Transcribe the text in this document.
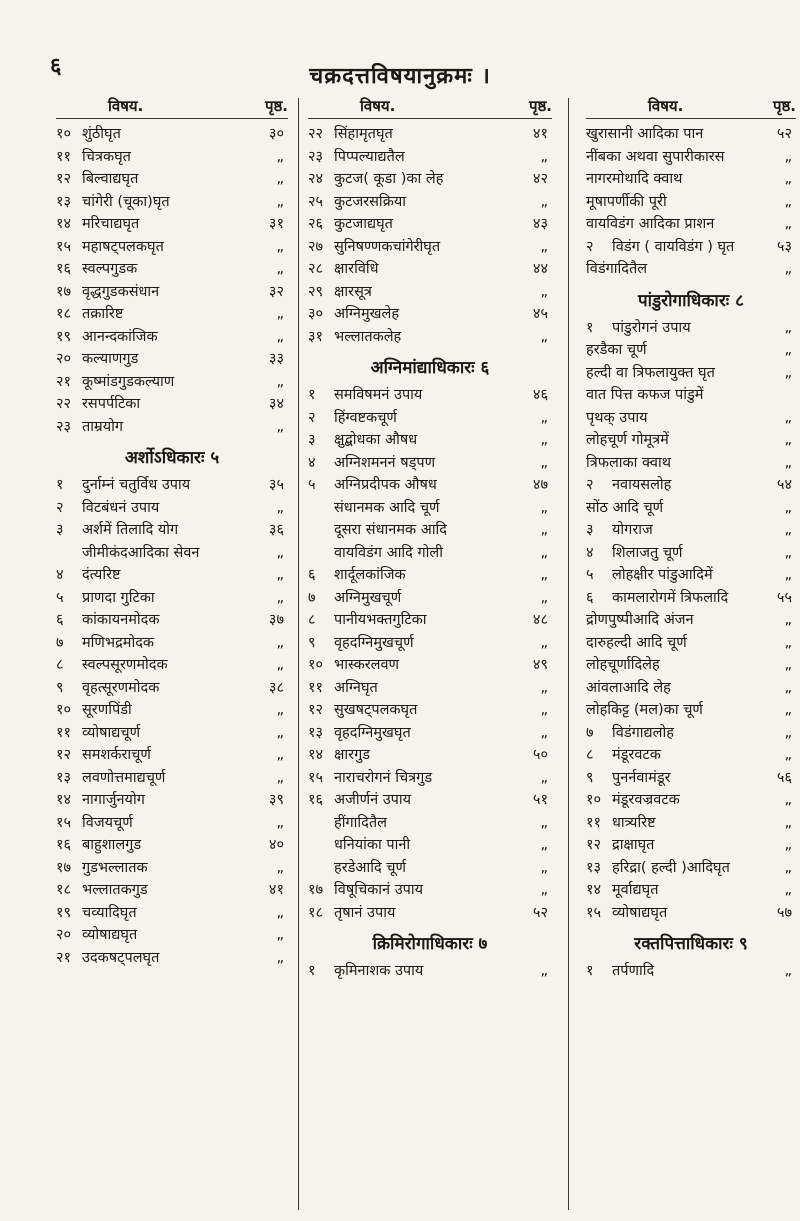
६	चक्रदत्तविषयानुक्रमः ।
विषय.	पृष्ठ.
१० शुंठीघृत	३०
११ चित्रकघृत	„
१२ बिल्वाद्यघृत	„
१३ चांगेरी (चूका)घृत	„
१४ मरिचाद्यघृत	३१
१५ महाषट्पलकघृत	„
१६ स्वल्पगुडक	„
१७ वृद्धगुडकसंधान	३२
१८ तक्रारिष्ट	„
१९ आनन्दकांजिक	„
२० कल्याणगुड	३३
२१ कूष्मांडगुडकल्याण	„
२२ रसपर्पटिका	३४
२३ ताम्रयोग	„
अर्शोऽधिकारः ५
१	दुर्नाम्नं चतुर्विध उपाय	३५
२	विटबंधनं उपाय	„
३	अर्शमें तिलादि योग	३६
जीमीकंदआदिका सेवन	„
४	दंत्यरिष्ट	„
५	प्राणदा गुटिका	„
६	कांकायनमोदक	३७
७	मणिभद्रमोदक	„
८	स्वल्पसूरणमोदक	„
९	वृहत्सूरणमोदक	३८
१० सूरणपिंडी	„
११ व्योषाद्यचूर्ण	„
१२ समशर्कराचूर्ण	„
१३ लवणोत्तमाद्यचूर्ण	„
१४ नागार्जुनयोग	३९
१५ विजयचूर्ण	„
१६ बाहुशालगुड	४०
१७ गुडभल्लातक	„
१८ भल्लातकगुड	४१
१९ चव्यादिघृत	„
२० व्योषाद्यघृत	„
२१ उदकषट्पलघृत	„
विषय.	पृष्ठ.
२२ सिंहामृतघृत	४१
२३ पिप्पल्याद्यतैल	„
२४ कुटज( कूडा )का लेह	४२
२५ कुटजरसक्रिया	„
२६ कुटजाद्यघृत	४३
२७ सुनिषण्णकचांगेरीघृत	„
२८ क्षारविधि	४४
२९ क्षारसूत्र	„
३० अग्निमुखलेह	४५
३१ भल्लातकलेह	„
अग्निमांद्याधिकारः ६
१	समविषमनं उपाय	४६
२	हिंग्वष्टकचूर्ण	„
३	क्षुद्बोधका औषध	„
४	अग्निशमननं षड्पण	„
५	अग्निप्रदीपक औषध	४७
संधानमक आदि चूर्ण	„
दूसरा संधानमक आदि	„
वायविडंग आदि गोली	„
६	शार्दूलकांजिक	„
७	अग्निमुखचूर्ण	„
८	पानीयभक्तगुटिका	४८
९	वृहदग्निमुखचूर्ण	„
१० भास्करलवण	४९
११ अग्निघृत	„
१२ सुखषट्पलकघृत	„
१३ वृहदग्निमुखघृत	„
१४ क्षारगुड	५०
१५ नाराचरोगनं चित्रगुड	„
१६ अजीर्णनं उपाय	५१
हींगादितैल	„
धनियांका पानी	„
हरडेआदि चूर्ण	„
१७ विषूचिकानं उपाय	„
१८ तृषानं उपाय	५२
क्रिमिरोगाधिकारः ७
१	कृमिनाशक उपाय	„
विषय.	पृष्ठ.
खुरासानी आदिका पान	५२
नींबका अथवा सुपारीकारस	„
नागरमोथादि क्वाथ	„
मूषापर्णीकी पूरी	„
वायविडंग आदिका प्राशन	„
२	विडंग ( वायविडंग ) घृत	५३
विडंगादितैल	„
पांडुरोगाधिकारः ८
१	पांडुरोगनं उपाय	„
हरडैका चूर्ण	„
हल्दी वा त्रिफलायुक्त घृत	„
वात पित्त कफज पांडुमें
पृथक् उपाय	„
लोहचूर्ण गोमूत्रमें	„
त्रिफलाका क्वाथ	„
२	नवायसलोह	५४
सोंठ आदि चूर्ण	„
३	योगराज	„
४	शिलाजतु चूर्ण	„
५	लोहक्षीर पांडुआदिमें	„
६	कामलारोगमें त्रिफलादि	५५
द्रोणपुष्पीआदि अंजन	„
दारुहल्दी आदि चूर्ण	„
लोहचूर्णादिलेह	„
आंवलाआदि लेह	„
लोहकिट्ट (मल)का चूर्ण	„
७	विडंगाद्यलोह	„
८	मंडूरवटक	„
९	पुनर्नवामंडूर	५६
१० मंडूरवज्रवटक	„
११ धात्र्यरिष्ट	„
१२ द्राक्षाघृत	„
१३ हरिद्रा( हल्दी )आदिघृत	„
१४ मूर्वाद्यघृत	„
१५ व्योषाद्यघृत	५७
रक्तपित्ताधिकारः ९
१	तर्पणादि	„
